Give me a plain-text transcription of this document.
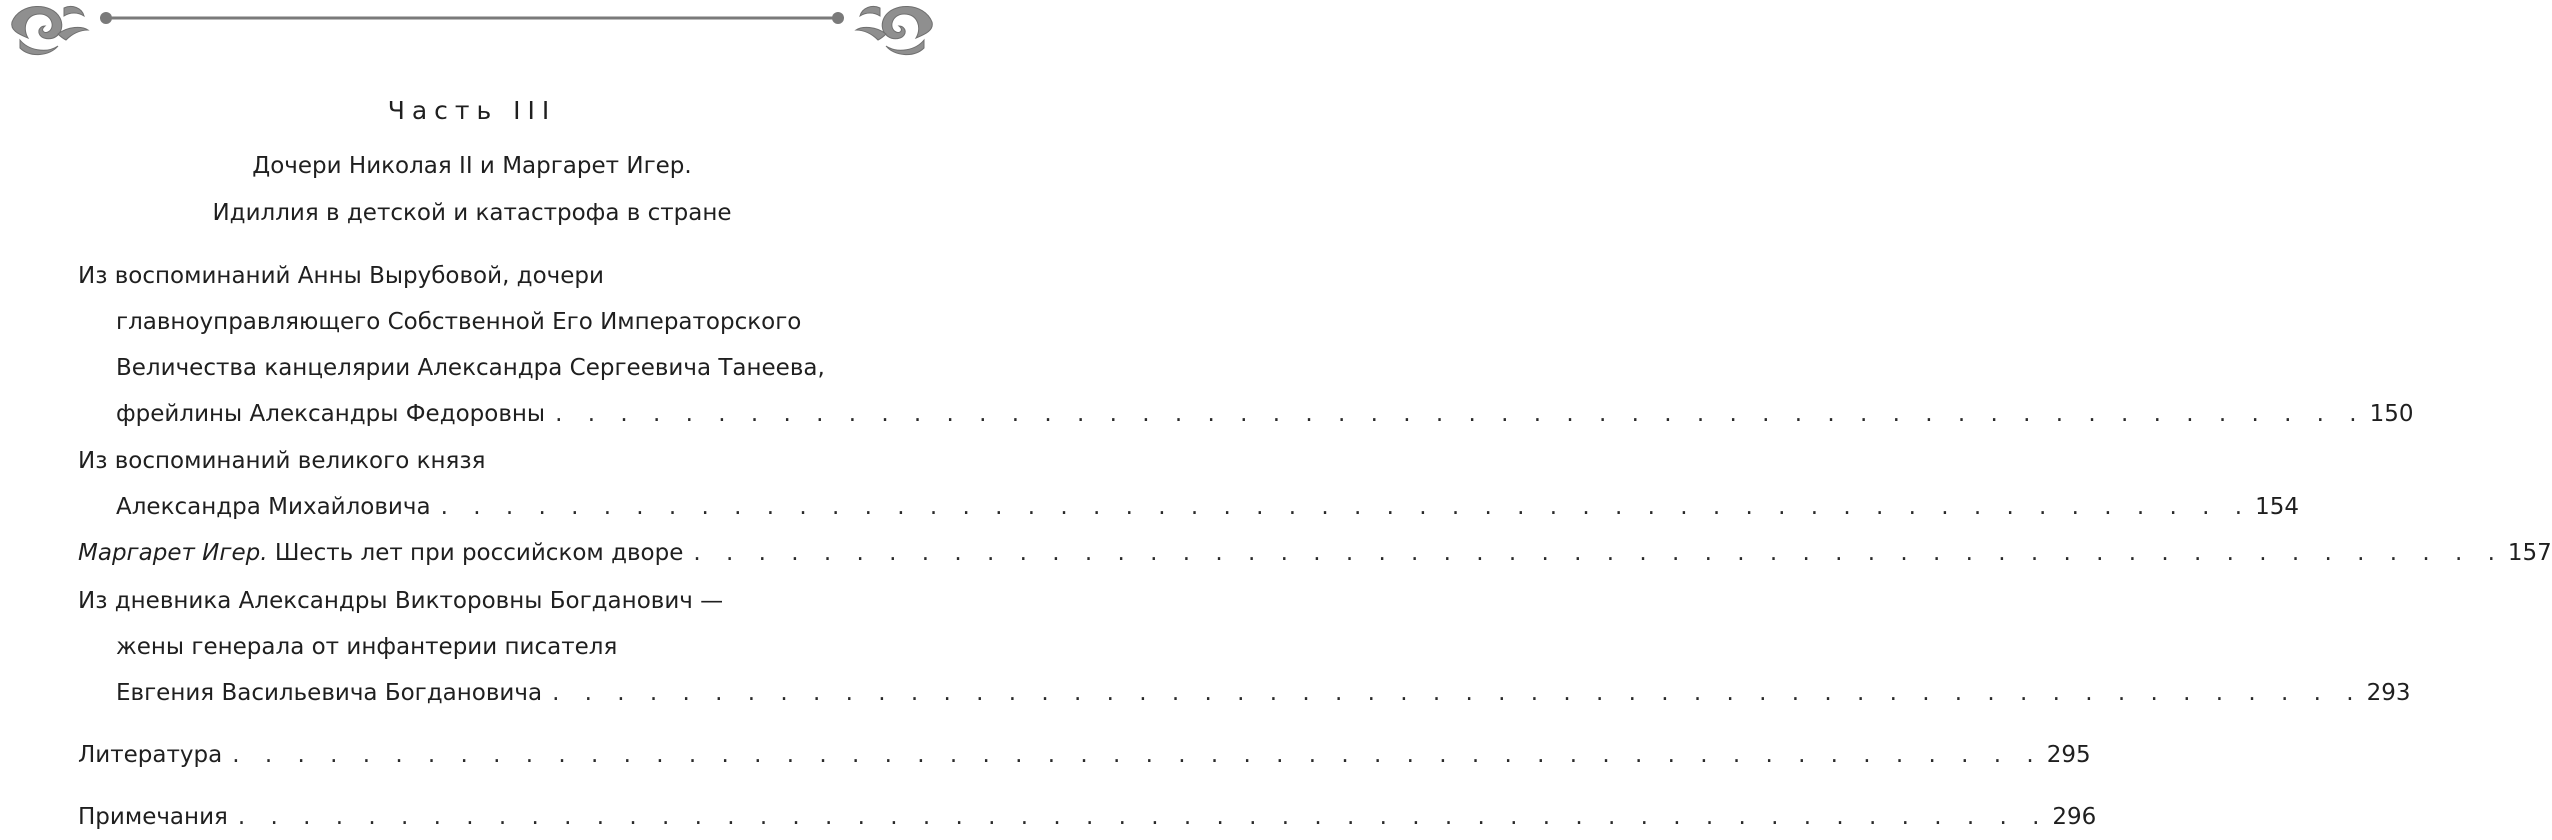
Часть III
Дочери Николая II и Маргарет Игер.
Идиллия в детской и катастрофа в стране
Из воспоминаний Анны Вырубовой, дочери
главноуправляющего Собственной Его Императорского
Величества канцелярии Александра Сергеевича Танеева,
фрейлины Александры Федоровны . . . . . . . . . . . . . . . . . . . . . . . . . . . . . . . . . . . . . . . . . . . . . . . . . . . . . . . . 150
Из воспоминаний великого князя
Александра Михайловича . . . . . . . . . . . . . . . . . . . . . . . . . . . . . . . . . . . . . . . . . . . . . . . . . . . . . . . . 154
Маргарет Игер. Шесть лет при российском дворе . . . . . . . . . . . . . . . . . . . . . . . . . . . . . . . . . . . . . . . . . . . . . . . . . . . . . . . . 157
Из дневника Александры Викторовны Богданович —
жены генерала от инфантерии писателя
Евгения Васильевича Богдановича . . . . . . . . . . . . . . . . . . . . . . . . . . . . . . . . . . . . . . . . . . . . . . . . . . . . . . . . 293
Литература . . . . . . . . . . . . . . . . . . . . . . . . . . . . . . . . . . . . . . . . . . . . . . . . . . . . . . . . 295
Примечания . . . . . . . . . . . . . . . . . . . . . . . . . . . . . . . . . . . . . . . . . . . . . . . . . . . . . . . . 296
